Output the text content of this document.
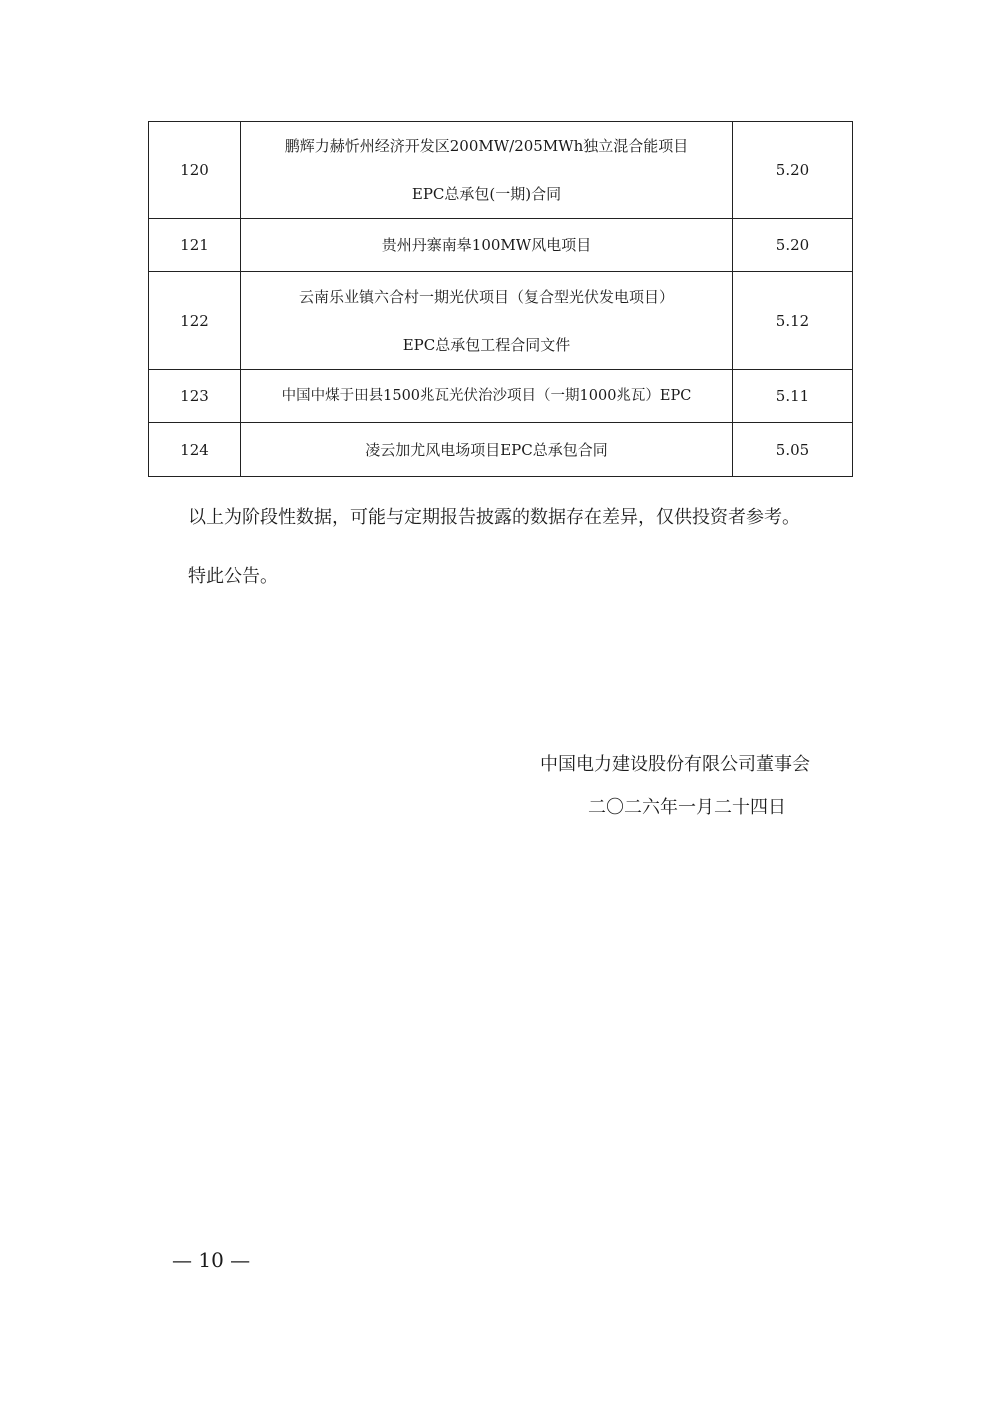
120	鹏辉力赫忻州经济开发区200MW/205MWh独立混合能项目
EPC总承包(一期)合同	5.20
121	贵州丹寨南皋100MW风电项目	5.20
122	云南乐业镇六合村一期光伏项目（复合型光伏发电项目）
EPC总承包工程合同文件	5.12
123	中国中煤于田县1500兆瓦光伏治沙项目（一期1000兆瓦）EPC	5.11
124	凌云加尤风电场项目EPC总承包合同	5.05
以上为阶段性数据，可能与定期报告披露的数据存在差异，仅供投资者参考。
特此公告。
中国电力建设股份有限公司董事会
二〇二六年一月二十四日
— 10 —
